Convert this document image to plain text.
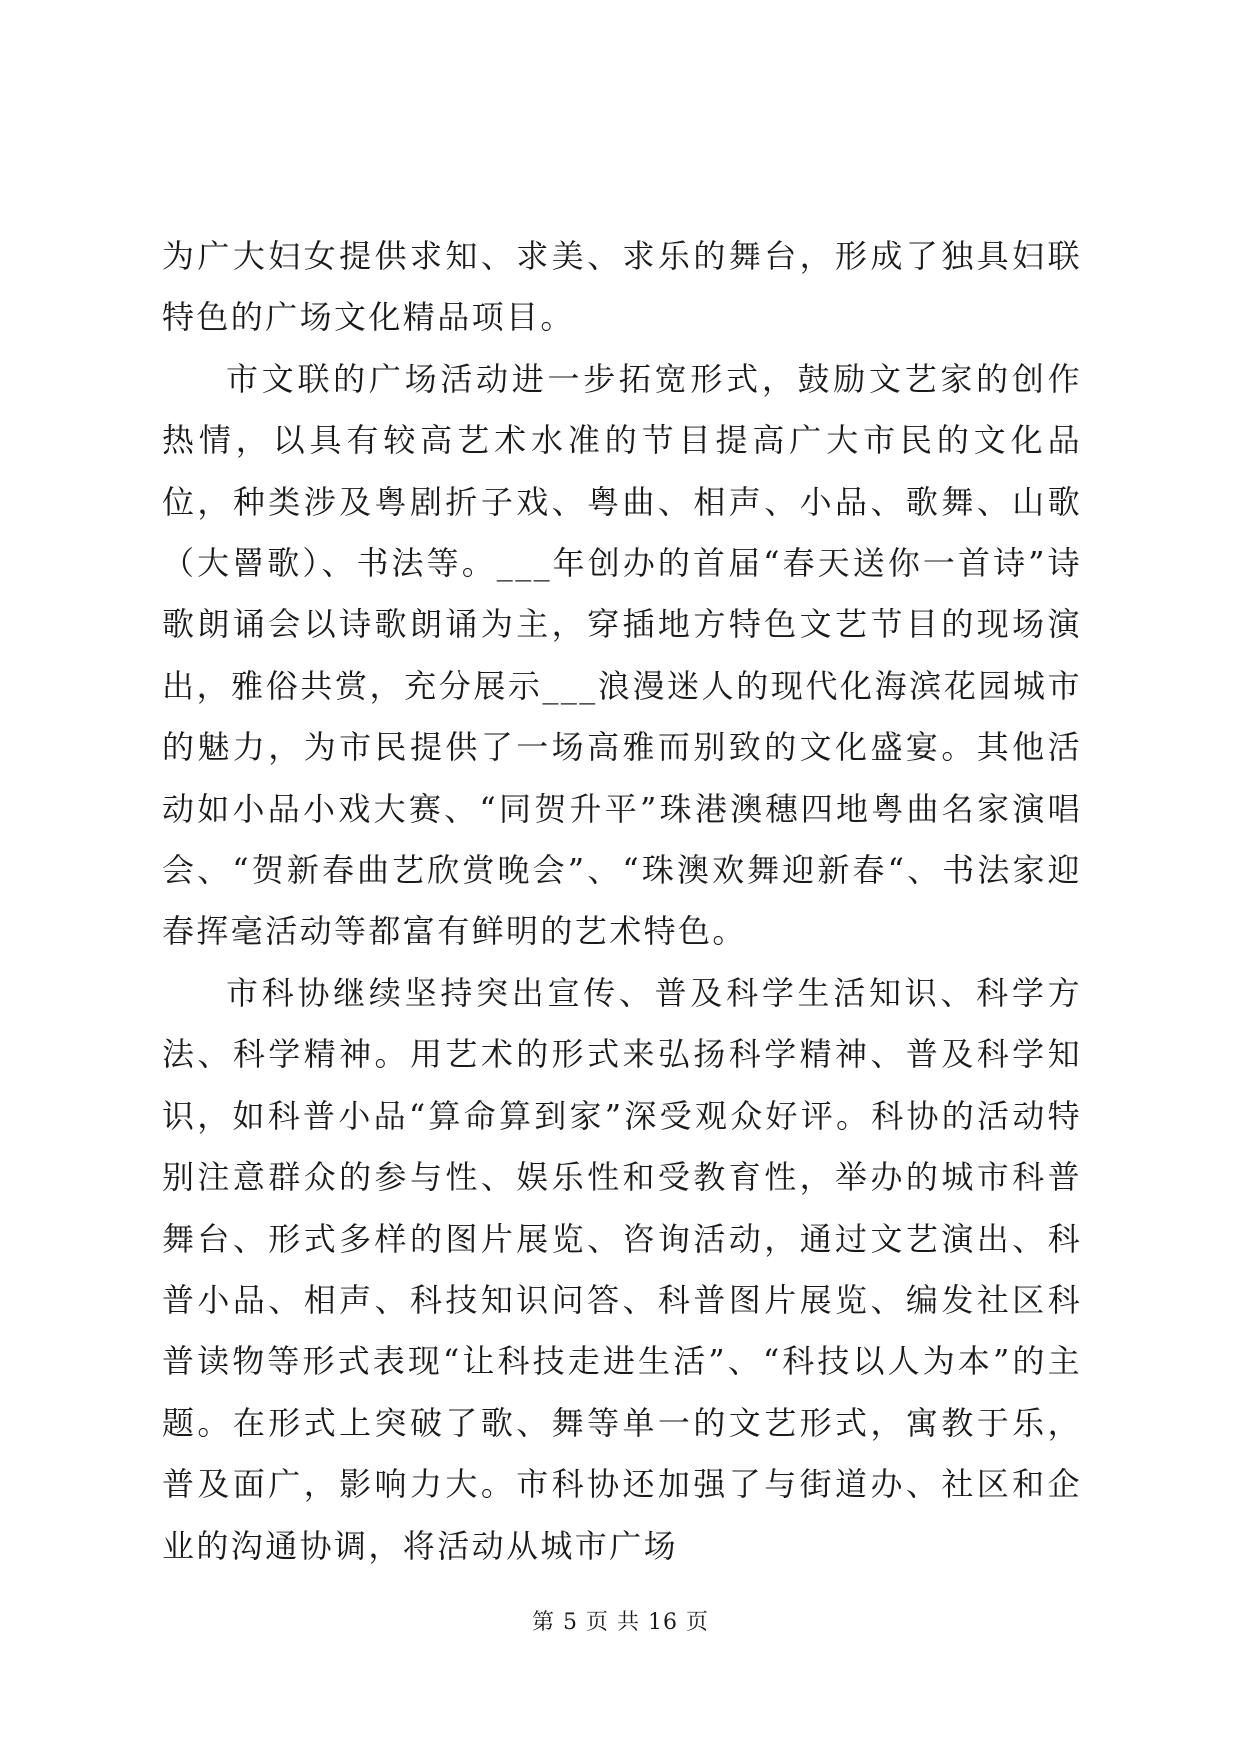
为广大妇女提供求知、求美、求乐的舞台，形成了独具妇联特色的广场文化精品项目。

市文联的广场活动进一步拓宽形式，鼓励文艺家的创作热情，以具有较高艺术水准的节目提高广大市民的文化品位，种类涉及粤剧折子戏、粤曲、相声、小品、歌舞、山歌（大罾歌）、书法等。___年创办的首届“春天送你一首诗”诗歌朗诵会以诗歌朗诵为主，穿插地方特色文艺节目的现场演出，雅俗共赏，充分展示___浪漫迷人的现代化海滨花园城市的魅力，为市民提供了一场高雅而别致的文化盛宴。其他活动如小品小戏大赛、“同贺升平”珠港澳穗四地粤曲名家演唱会、“贺新春曲艺欣赏晚会”、“珠澳欢舞迎新春“、书法家迎春挥毫活动等都富有鲜明的艺术特色。

市科协继续坚持突出宣传、普及科学生活知识、科学方法、科学精神。用艺术的形式来弘扬科学精神、普及科学知识，如科普小品“算命算到家”深受观众好评。科协的活动特别注意群众的参与性、娱乐性和受教育性，举办的城市科普舞台、形式多样的图片展览、咨询活动，通过文艺演出、科普小品、相声、科技知识问答、科普图片展览、编发社区科普读物等形式表现“让科技走进生活”、“科技以人为本”的主题。在形式上突破了歌、舞等单一的文艺形式，寓教于乐，普及面广，影响力大。市科协还加强了与街道办、社区和企业的沟通协调，将活动从城市广场

第 5 页 共 16 页
